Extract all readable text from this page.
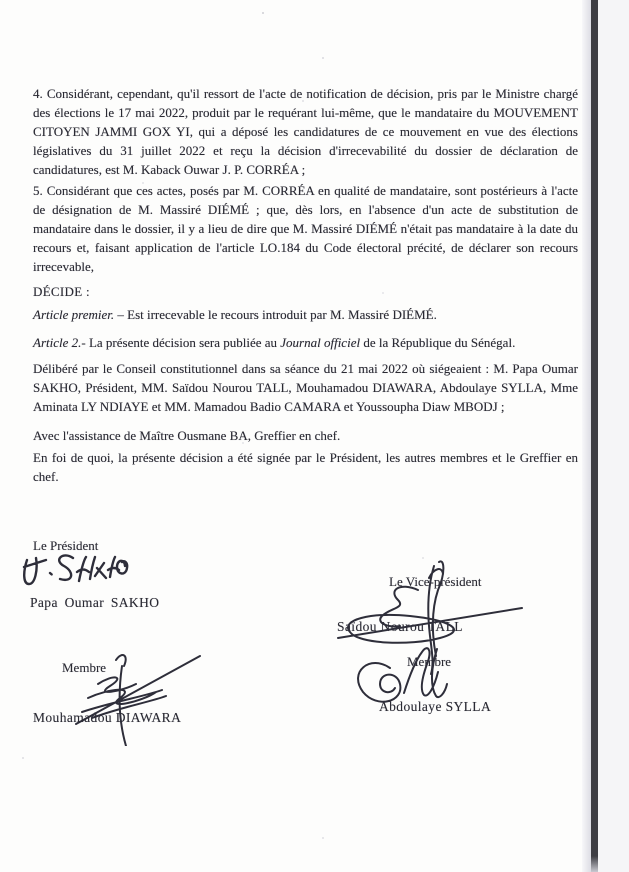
4. Considérant, cependant, qu'il ressort de l'acte de notification de décision, pris par le Ministre chargé des élections le 17 mai 2022, produit par le requérant lui-même, que le mandataire du MOUVEMENT CITOYEN JAMMI GOX YI, qui a déposé les candidatures de ce mouvement en vue des élections législatives du 31 juillet 2022 et reçu la décision d'irrecevabilité du dossier de déclaration de candidatures, est M. Kaback Ouwar J. P. CORRÉA ;

5. Considérant que ces actes, posés par M. CORRÉA en qualité de mandataire, sont postérieurs à l'acte de désignation de M. Massiré DIÉMÉ ; que, dès lors, en l'absence d'un acte de substitution de mandataire dans le dossier, il y a lieu de dire que M. Massiré DIÉMÉ n'était pas mandataire à la date du recours et, faisant application de l'article LO.184 du Code électoral précité, de déclarer son recours irrecevable,

DÉCIDE :

Article premier. – Est irrecevable le recours introduit par M. Massiré DIÉMÉ.

Article 2.- La présente décision sera publiée au Journal officiel de la République du Sénégal.

Délibéré par le Conseil constitutionnel dans sa séance du 21 mai 2022 où siégeaient : M. Papa Oumar SAKHO, Président, MM. Saïdou Nourou TALL, Mouhamadou DIAWARA, Abdoulaye SYLLA, Mme Aminata LY NDIAYE et MM. Mamadou Badio CAMARA et Youssoupha Diaw MBODJ ;

Avec l'assistance de Maître Ousmane BA, Greffier en chef.

En foi de quoi, la présente décision a été signée par le Président, les autres membres et le Greffier en chef.

Le Président
Papa Oumar SAKHO
Le Vice-président
Saïdou Nourou TALL
Membre
Mouhamadou DIAWARA
Membre
Abdoulaye SYLLA
